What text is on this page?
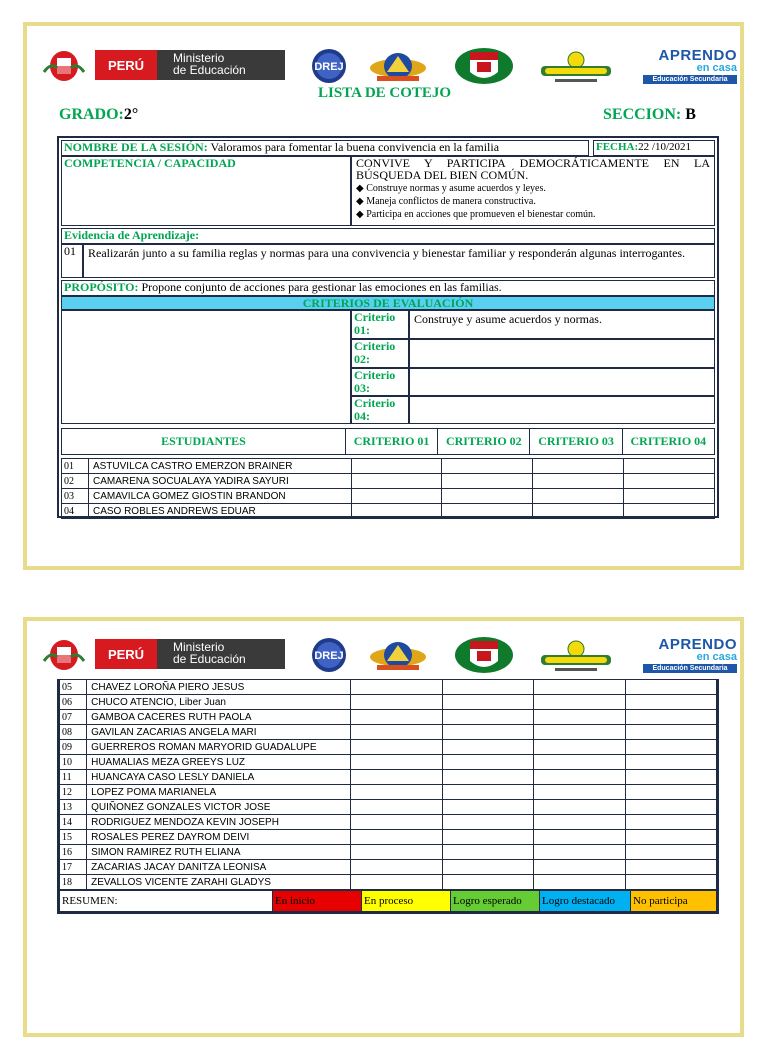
PERÚ	Ministerio
de Educación	DREJ
APRENDO
en casa
Educación Secundaria
LISTA DE COTEJO
GRADO:2°	SECCION: B
NOMBRE DE LA SESIÓN: Valoramos para fomentar la buena convivencia en la familia	FECHA:22 /10/2021
COMPETENCIA / CAPACIDAD	CONVIVE Y PARTICIPA DEMOCRÁTICAMENTE EN LA BÚSQUEDA DEL BIEN COMÚN.
◆ Construye normas y asume acuerdos y leyes.
◆ Maneja conflictos de manera constructiva.
◆ Participa en acciones que promueven el bienestar común.
Evidencia de Aprendizaje:
01	Realizarán junto a su familia reglas y normas para una convivencia y bienestar familiar y responderán algunas interrogantes.
PROPÓSITO: Propone conjunto de acciones para gestionar las emociones en las familias.
CRITERIOS DE EVALUACIÓN
Criterio 01:
Construye y asume acuerdos y normas.
Criterio 02:
Criterio 03:
Criterio 04:
ESTUDIANTES	CRITERIO 01	CRITERIO 02	CRITERIO 03	CRITERIO 04
01	ASTUVILCA CASTRO EMERZON BRAINER				
02	CAMARENA SOCUALAYA YADIRA SAYURI				
03	CAMAVILCA GOMEZ GIOSTIN BRANDON				
04	CASO ROBLES ANDREWS EDUAR				
PERÚ	Ministerio
de Educación	DREJ
APRENDO
en casa
Educación Secundaria
05	CHAVEZ LOROÑA PIERO JESUS				
06	CHUCO ATENCIO, Liber Juan				
07	GAMBOA CACERES RUTH PAOLA				
08	GAVILAN ZACARIAS ANGELA MARI				
09	GUERREROS ROMAN MARYORID GUADALUPE				
10	HUAMALIAS MEZA GREEYS LUZ				
11	HUANCAYA CASO LESLY DANIELA				
12	LOPEZ POMA MARIANELA				
13	QUIÑONEZ GONZALES VICTOR JOSE				
14	RODRIGUEZ MENDOZA KEVIN JOSEPH				
15	ROSALES PEREZ DAYROM DEIVI				
16	SIMON RAMIREZ RUTH ELIANA				
17	ZACARIAS JACAY DANITZA LEONISA				
18	ZEVALLOS VICENTE ZARAHI GLADYS				
RESUMEN:	En inicio	En proceso	Logro esperado	Logro destacado	No participa
